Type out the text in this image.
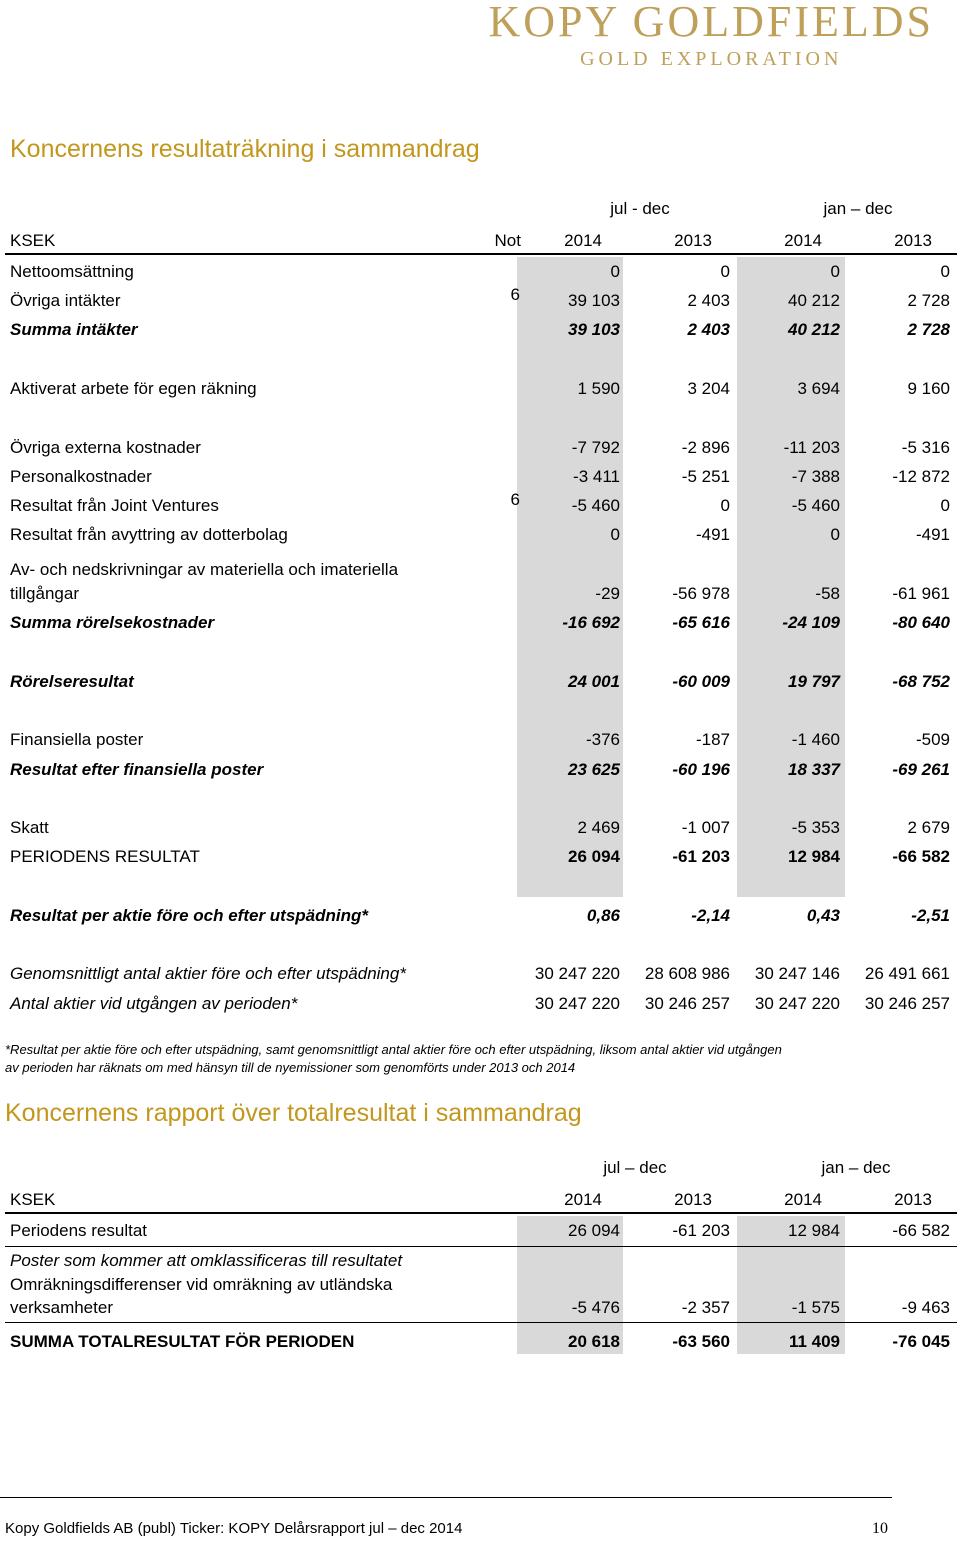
KOPY GOLDFIELDS
GOLD EXPLORATION
Koncernens resultaträkning i sammandrag
jul - dec	jan – dec
KSEK	Not	2014	2013	2014	2013
Nettoomsättning	0	0	0	0
Övriga intäkter	6	39 103	2 403	40 212	2 728
Summa intäkter	39 103	2 403	40 212	2 728
Aktiverat arbete för egen räkning	1 590	3 204	3 694	9 160
Övriga externa kostnader	-7 792	-2 896	-11 203	-5 316
Personalkostnader	-3 411	-5 251	-7 388	-12 872
Resultat från Joint Ventures	6	-5 460	0	-5 460	0
Resultat från avyttring av dotterbolag	0	-491	0	-491
Av- och nedskrivningar av materiella och imateriella
tillgångar	-29	-56 978	-58	-61 961
Summa rörelsekostnader	-16 692	-65 616	-24 109	-80 640
Rörelseresultat	24 001	-60 009	19 797	-68 752
Finansiella poster	-376	-187	-1 460	-509
Resultat efter finansiella poster	23 625	-60 196	18 337	-69 261
Skatt	2 469	-1 007	-5 353	2 679
PERIODENS RESULTAT	26 094	-61 203	12 984	-66 582
Resultat per aktie före och efter utspädning*	0,86	-2,14	0,43	-2,51
Genomsnittligt antal aktier före och efter utspädning*	30 247 220	28 608 986	30 247 146	26 491 661
Antal aktier vid utgången av perioden*	30 247 220	30 246 257	30 247 220	30 246 257
*Resultat per aktie före och efter utspädning, samt genomsnittligt antal aktier före och efter utspädning, liksom antal aktier vid utgången
av perioden har räknats om med hänsyn till de nyemissioner som genomförts under 2013 och 2014
Koncernens rapport över totalresultat i sammandrag
jul – dec	jan – dec
KSEK	2014	2013	2014	2013
Periodens resultat	26 094	-61 203	12 984	-66 582
Poster som kommer att omklassificeras till resultatet
Omräkningsdifferenser vid omräkning av utländska
verksamheter	-5 476	-2 357	-1 575	-9 463
SUMMA TOTALRESULTAT FÖR PERIODEN	20 618	-63 560	11 409	-76 045
Kopy Goldfields AB (publ) Ticker: KOPY Delårsrapport jul – dec 2014	10
